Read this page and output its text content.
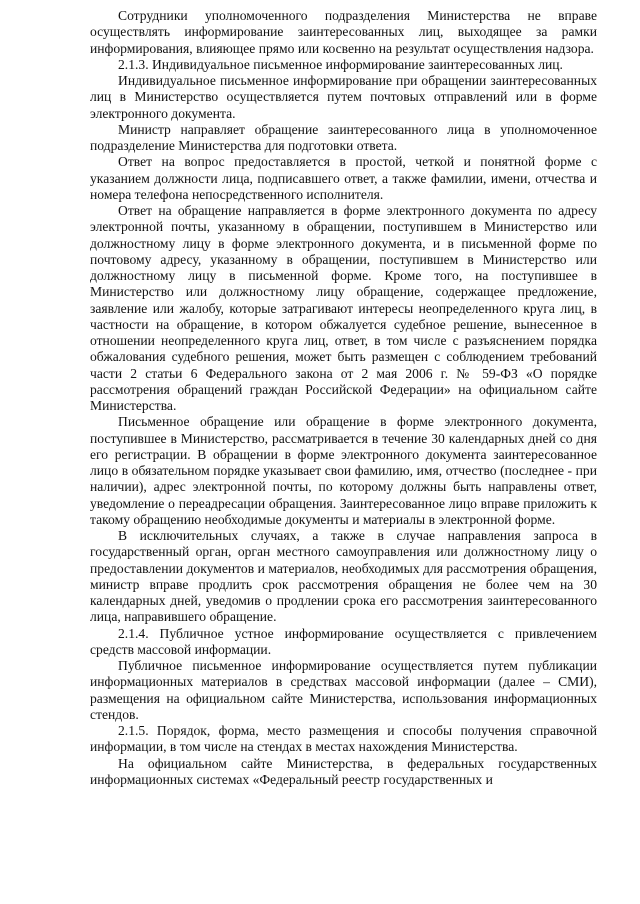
Сотрудники уполномоченного подразделения Министерства не вправе осуществлять информирование заинтересованных лиц, выходящее за рамки информирования, влияющее прямо или косвенно на результат осуществления надзора.

2.1.3. Индивидуальное письменное информирование заинтересованных лиц.

Индивидуальное письменное информирование при обращении заинтересованных лиц в Министерство осуществляется путем почтовых отправлений или в форме электронного документа.

Министр направляет обращение заинтересованного лица в уполномоченное подразделение Министерства для подготовки ответа.

Ответ на вопрос предоставляется в простой, четкой и понятной форме с указанием должности лица, подписавшего ответ, а также фамилии, имени, отчества и номера телефона непосредственного исполнителя.

Ответ на обращение направляется в форме электронного документа по адресу электронной почты, указанному в обращении, поступившем в Министерство или должностному лицу в форме электронного документа, и в письменной форме по почтовому адресу, указанному в обращении, поступившем в Министерство или должностному лицу в письменной форме. Кроме того, на поступившее в Министерство или должностному лицу обращение, содержащее предложение, заявление или жалобу, которые затрагивают интересы неопределенного круга лиц, в частности на обращение, в котором обжалуется судебное решение, вынесенное в отношении неопределенного круга лиц, ответ, в том числе с разъяснением порядка обжалования судебного решения, может быть размещен с соблюдением требований части 2 статьи 6 Федерального закона от 2 мая 2006 г. № 59-ФЗ «О порядке рассмотрения обращений граждан Российской Федерации» на официальном сайте Министерства.

Письменное обращение или обращение в форме электронного документа, поступившее в Министерство, рассматривается в течение 30 календарных дней со дня его регистрации. В обращении в форме электронного документа заинтересованное лицо в обязательном порядке указывает свои фамилию, имя, отчество (последнее - при наличии), адрес электронной почты, по которому должны быть направлены ответ, уведомление о переадресации обращения. Заинтересованное лицо вправе приложить к такому обращению необходимые документы и материалы в электронной форме.

В исключительных случаях, а также в случае направления запроса в государственный орган, орган местного самоуправления или должностному лицу о предоставлении документов и материалов, необходимых для рассмотрения обращения, министр вправе продлить срок рассмотрения обращения не более чем на 30 календарных дней, уведомив о продлении срока его рассмотрения заинтересованного лица, направившего обращение.

2.1.4. Публичное устное информирование осуществляется с привлечением средств массовой информации.

Публичное письменное информирование осуществляется путем публикации информационных материалов в средствах массовой информации (далее – СМИ), размещения на официальном сайте Министерства, использования информационных стендов.

2.1.5. Порядок, форма, место размещения и способы получения справочной информации, в том числе на стендах в местах нахождения Министерства.

На официальном сайте Министерства, в федеральных государственных информационных системах «Федеральный реестр государственных и
